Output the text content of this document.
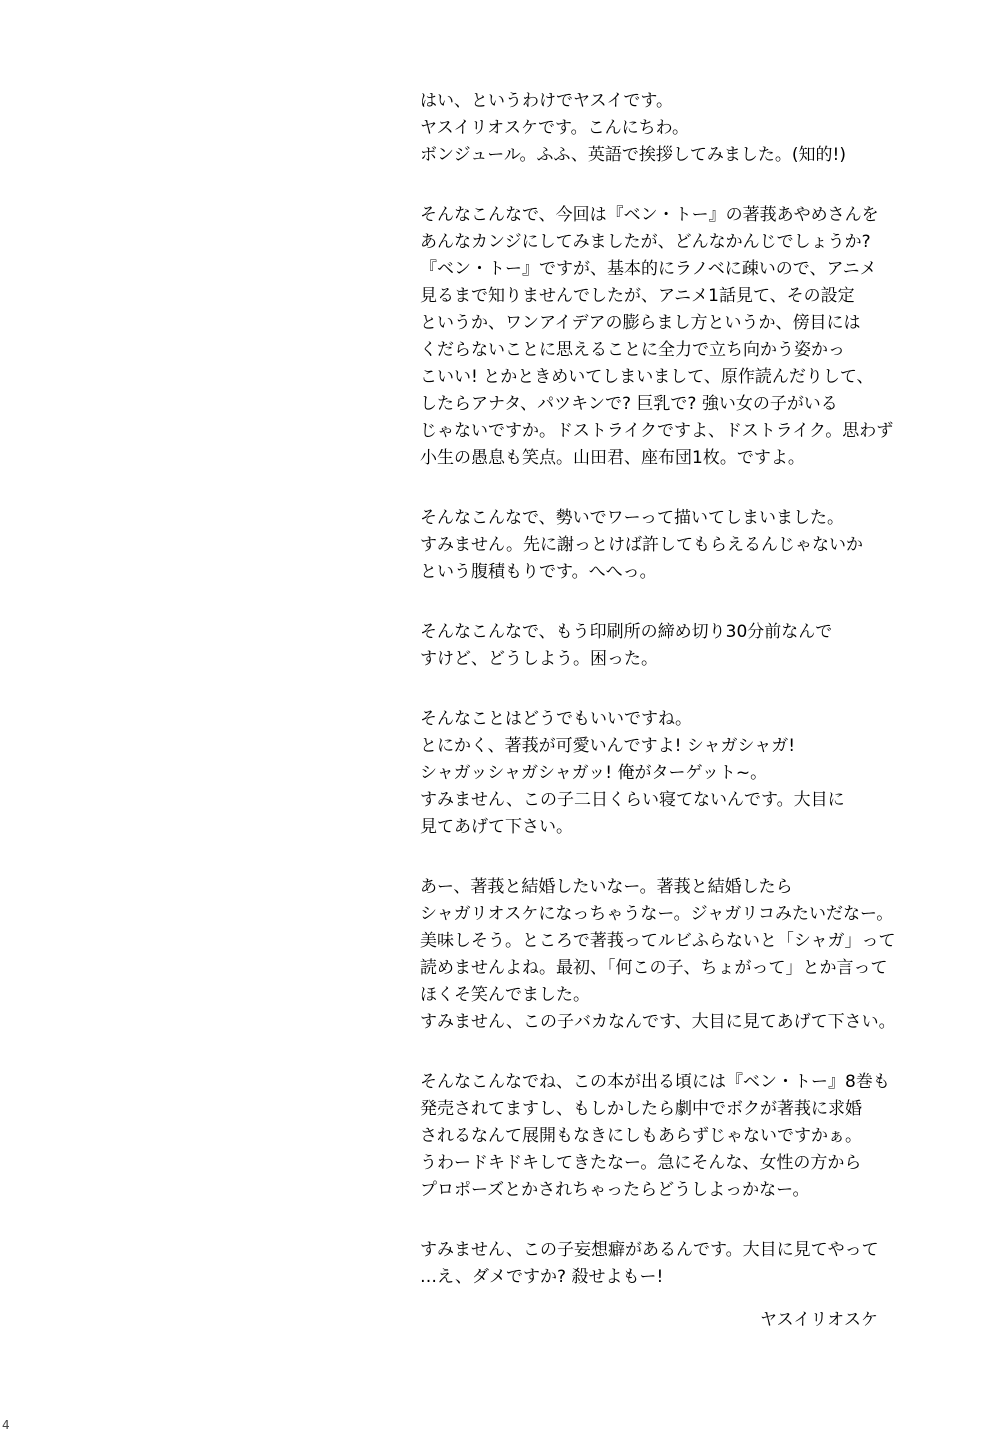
はい、というわけでヤスイです。
ヤスイリオスケです。こんにちわ。
ボンジュール。ふふ、英語で挨拶してみました。(知的!)
そんなこんなで、今回は『ベン・トー』の著莪あやめさんを
あんなカンジにしてみましたが、どんなかんじでしょうか?
『ベン・トー』ですが、基本的にラノベに疎いので、アニメ
見るまで知りませんでしたが、アニメ1話見て、その設定
というか、ワンアイデアの膨らまし方というか、傍目には
くだらないことに思えることに全力で立ち向かう姿かっ
こいい! とかときめいてしまいまして、原作読んだりして、
したらアナタ、パツキンで? 巨乳で? 強い女の子がいる
じゃないですか。ドストライクですよ、ドストライク。思わず
小生の愚息も笑点。山田君、座布団1枚。ですよ。
そんなこんなで、勢いでワーって描いてしまいました。
すみません。先に謝っとけば許してもらえるんじゃないか
という腹積もりです。へへっ。
そんなこんなで、もう印刷所の締め切り30分前なんで
すけど、どうしよう。困った。
そんなことはどうでもいいですね。
とにかく、著莪が可愛いんですよ! シャガシャガ!
シャガッシャガシャガッ! 俺がターゲット~。
すみません、この子二日くらい寝てないんです。大目に
見てあげて下さい。
あー、著莪と結婚したいなー。著莪と結婚したら
シャガリオスケになっちゃうなー。ジャガリコみたいだなー。
美味しそう。ところで著莪ってルビふらないと「シャガ」って
読めませんよね。最初、「何この子、ちょがって」とか言って
ほくそ笑んでました。
すみません、この子バカなんです、大目に見てあげて下さい。
そんなこんなでね、この本が出る頃には『ベン・トー』8巻も
発売されてますし、もしかしたら劇中でボクが著莪に求婚
されるなんて展開もなきにしもあらずじゃないですかぁ。
うわードキドキしてきたなー。急にそんな、女性の方から
プロポーズとかされちゃったらどうしよっかなー。
すみません、この子妄想癖があるんです。大目に見てやって
…え、ダメですか? 殺せよもー!
ヤスイリオスケ
4
